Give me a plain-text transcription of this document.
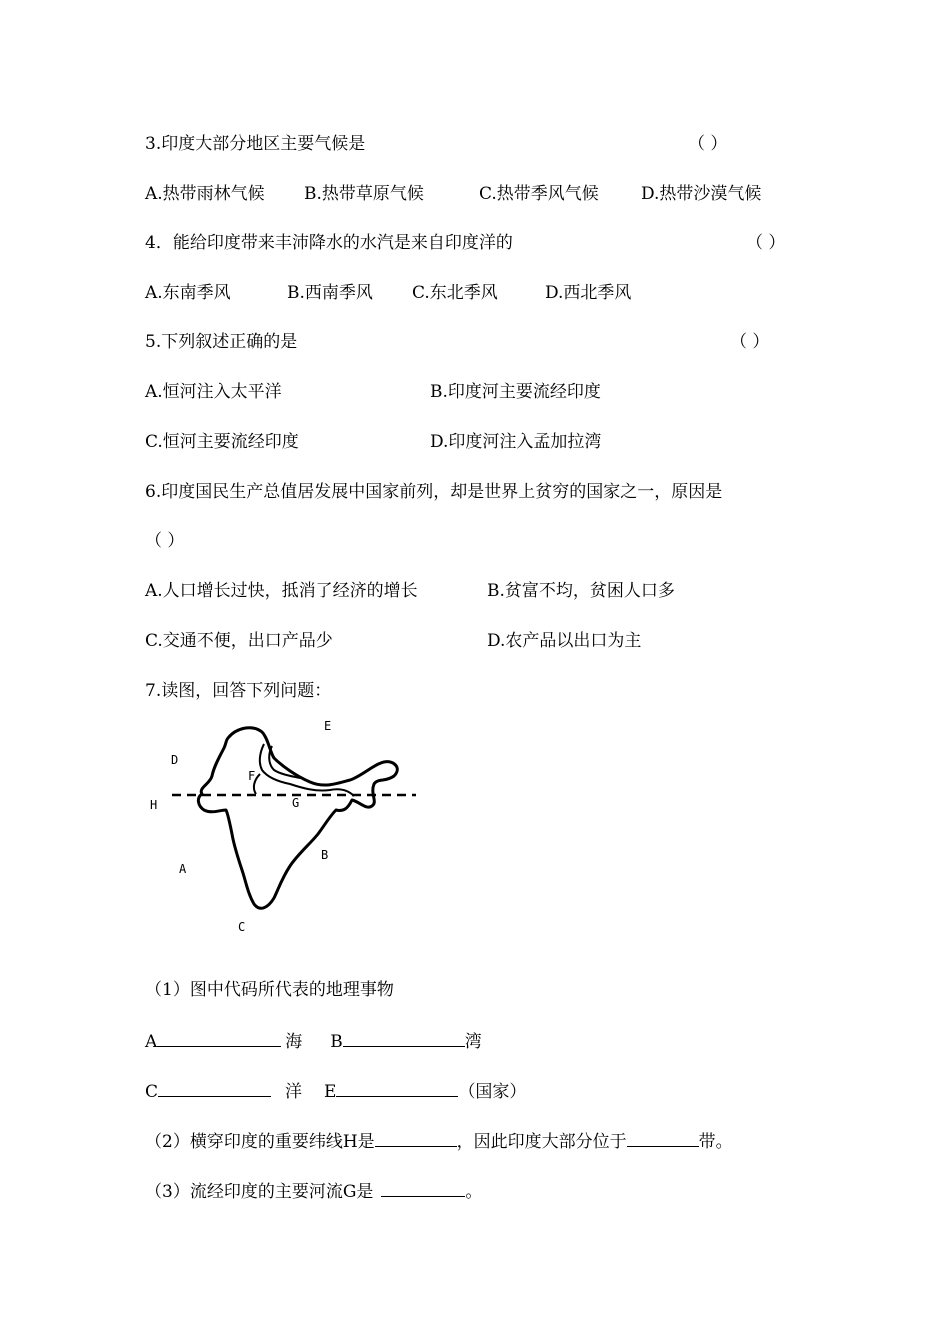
3.印度大部分地区主要气候是	（ ）
A.热带雨林气候 B.热带草原气候	C.热带季风气候 D.热带沙漠气候
4．能给印度带来丰沛降水的水汽是来自印度洋的	（ ）
A.东南季风	B.西南季风 C.东北季风	D.西北季风
5.下列叙述正确的是	（ ）
A.恒河注入太平洋	B.印度河主要流经印度
C.恒河主要流经印度	D.印度河注入孟加拉湾
6.印度国民生产总值居发展中国家前列，却是世界上贫穷的国家之一，原因是
（ ）
A.人口增长过快，抵消了经济的增长	B.贫富不均，贫困人口多
C.交通不便，出口产品少	D.农产品以出口为主
7.读图，回答下列问题：
E
D
F
H	G
B
A
C
（1）图中代码所代表的地理事物
A	海 B	湾
C	洋 E	（国家）
（2）横穿印度的重要纬线H是	，因此印度大部分位于	带。
（3）流经印度的主要河流G是	。
